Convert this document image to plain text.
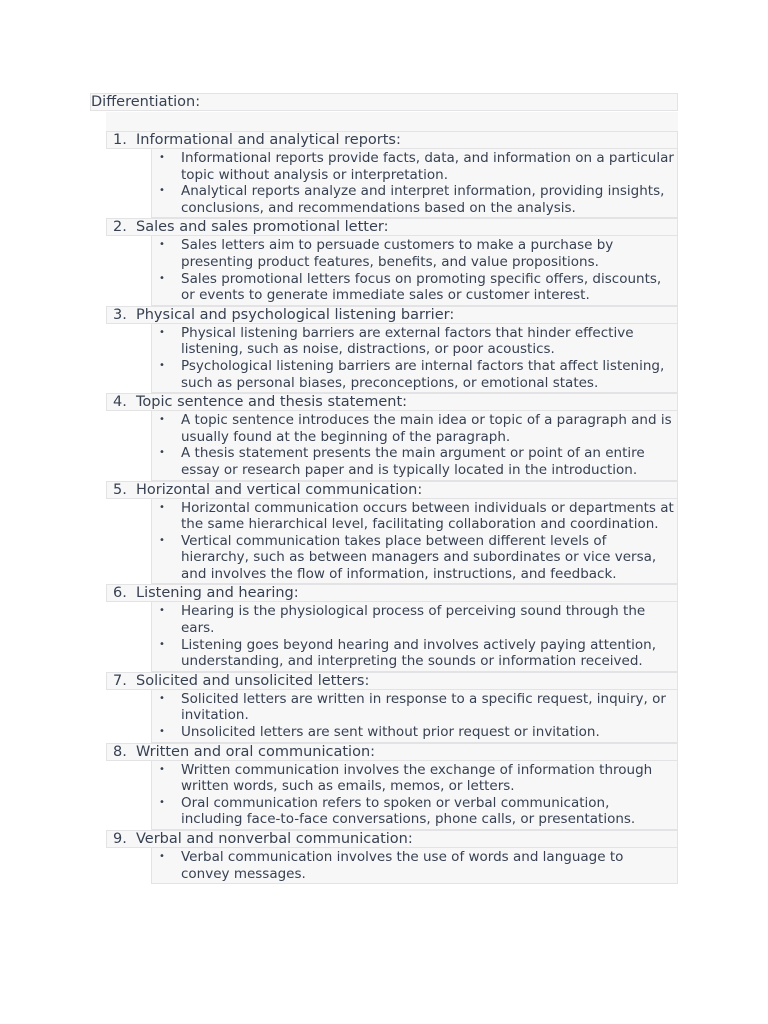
Differentiation:
1. Informational and analytical reports:
• Informational reports provide facts, data, and information on a particular topic without analysis or interpretation.
• Analytical reports analyze and interpret information, providing insights, conclusions, and recommendations based on the analysis.
2. Sales and sales promotional letter:
• Sales letters aim to persuade customers to make a purchase by presenting product features, benefits, and value propositions.
• Sales promotional letters focus on promoting specific offers, discounts, or events to generate immediate sales or customer interest.
3. Physical and psychological listening barrier:
• Physical listening barriers are external factors that hinder effective listening, such as noise, distractions, or poor acoustics.
• Psychological listening barriers are internal factors that affect listening, such as personal biases, preconceptions, or emotional states.
4. Topic sentence and thesis statement:
• A topic sentence introduces the main idea or topic of a paragraph and is usually found at the beginning of the paragraph.
• A thesis statement presents the main argument or point of an entire essay or research paper and is typically located in the introduction.
5. Horizontal and vertical communication:
• Horizontal communication occurs between individuals or departments at the same hierarchical level, facilitating collaboration and coordination.
• Vertical communication takes place between different levels of hierarchy, such as between managers and subordinates or vice versa, and involves the flow of information, instructions, and feedback.
6. Listening and hearing:
• Hearing is the physiological process of perceiving sound through the ears.
• Listening goes beyond hearing and involves actively paying attention, understanding, and interpreting the sounds or information received.
7. Solicited and unsolicited letters:
• Solicited letters are written in response to a specific request, inquiry, or invitation.
• Unsolicited letters are sent without prior request or invitation.
8. Written and oral communication:
• Written communication involves the exchange of information through written words, such as emails, memos, or letters.
• Oral communication refers to spoken or verbal communication, including face-to-face conversations, phone calls, or presentations.
9. Verbal and nonverbal communication:
• Verbal communication involves the use of words and language to convey messages.
